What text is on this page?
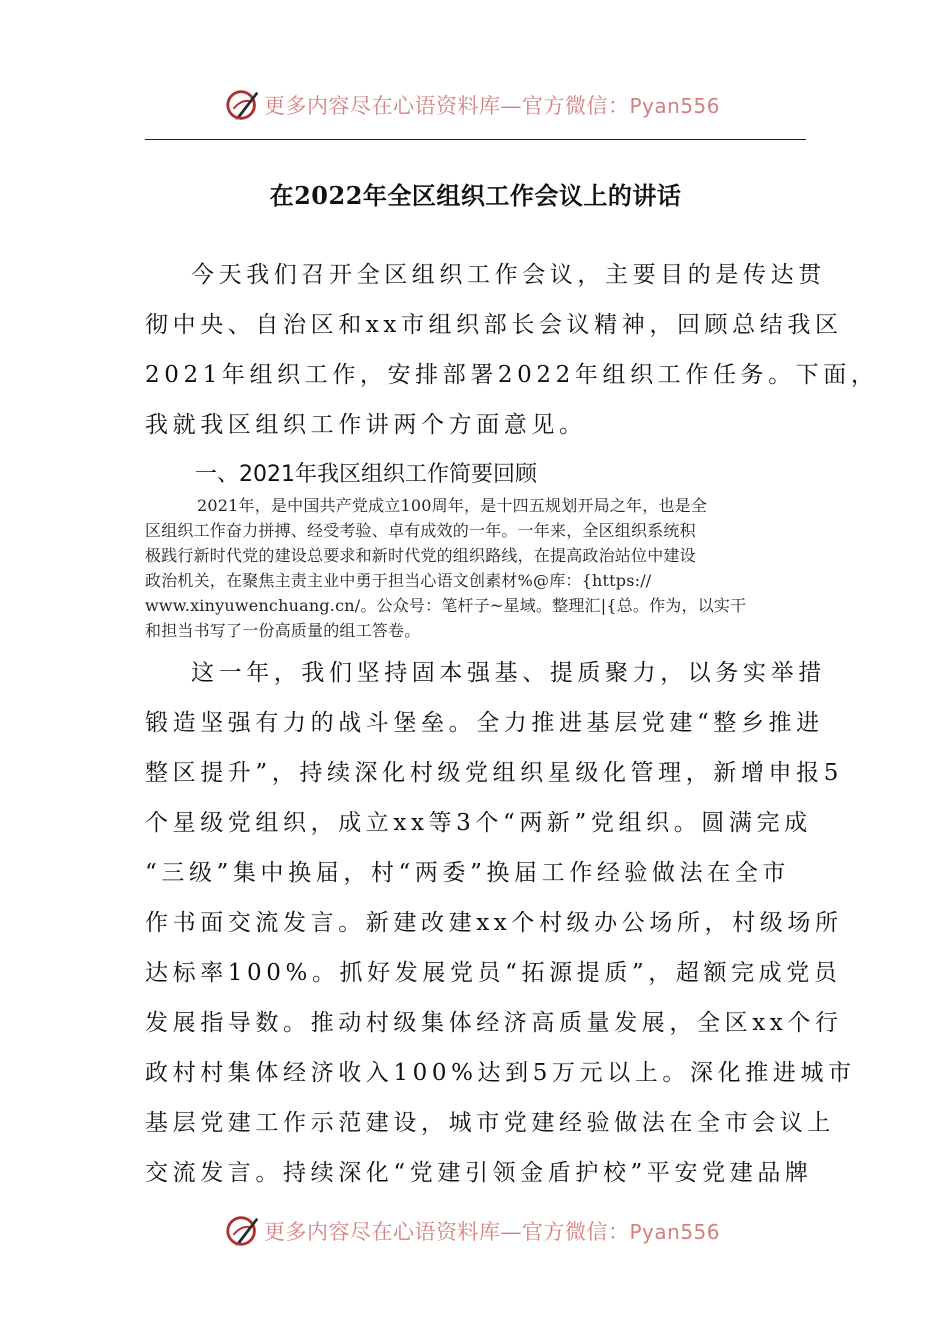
更多内容尽在心语资料库—官方微信：Pyan556
在2022年全区组织工作会议上的讲话
今天我们召开全区组织工作会议，主要目的是传达贯
彻中央、自治区和xx市组织部长会议精神，回顾总结我区
2021年组织工作，安排部署2022年组织工作任务。下面，
我就我区组织工作讲两个方面意见。
一、2021年我区组织工作简要回顾
2021年，是中国共产党成立100周年，是十四五规划开局之年，也是全
区组织工作奋力拼搏、经受考验、卓有成效的一年。一年来，全区组织系统积
极践行新时代党的建设总要求和新时代党的组织路线，在提高政治站位中建设
政治机关，在聚焦主责主业中勇于担当心语文创素材%@库：{https://
www.xinyuwenchuang.cn/。公众号：笔杆子~星域。整理汇|{总。作为，以实干
和担当书写了一份高质量的组工答卷。
这一年，我们坚持固本强基、提质聚力，以务实举措
锻造坚强有力的战斗堡垒。全力推进基层党建“整乡推进
整区提升”，持续深化村级党组织星级化管理，新增申报5
个星级党组织，成立xx等3个“两新”党组织。圆满完成
“三级”集中换届，村“两委”换届工作经验做法在全市
作书面交流发言。新建改建xx个村级办公场所，村级场所
达标率100%。抓好发展党员“拓源提质”，超额完成党员
发展指导数。推动村级集体经济高质量发展，全区xx个行
政村村集体经济收入100%达到5万元以上。深化推进城市
基层党建工作示范建设，城市党建经验做法在全市会议上
交流发言。持续深化“党建引领金盾护校”平安党建品牌
更多内容尽在心语资料库—官方微信：Pyan556
